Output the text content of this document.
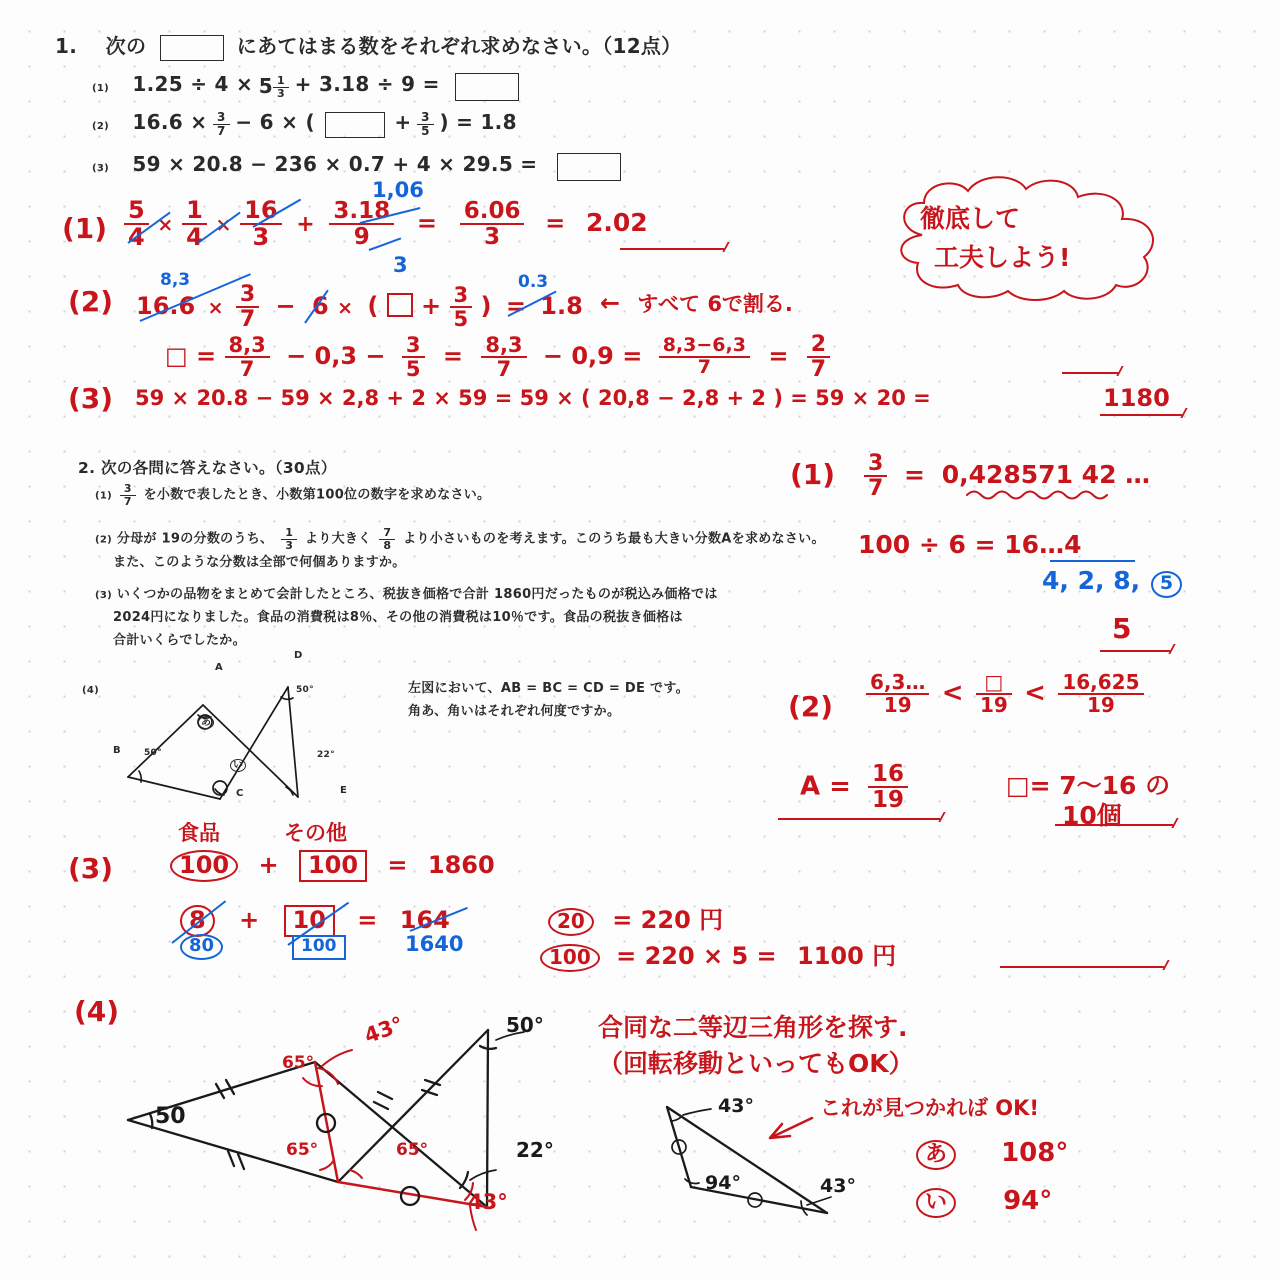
1. 次の	にあてはまる数をそれぞれ求めなさい。（12点）
(1) $1.25 \div 4 \times 5 \frac{1}{3} + 3.18 \div 9$ =
(2) $16.6 \times \frac{3}{7} - 6$ × (	+ $\frac{3}{5}$ ) = 1.8
(3) 59 × 20.8 − 236 × 0.7 + 4 × 29.5 =
$(1) \frac{5}{4} \times \frac{1}{4} \times \frac{16}{3} + \frac{3.18}{9} = \frac{6.06}{3} = 2.02$
1,06
3
(2) $16.6 \times \frac{3}{7} - 6$ × ( + $\frac{3}{5}$ ) = 1.8
8,3	0.3
← すべて 6で割る.
徹底して
工夫しよう!
□ = $\frac{8,3}{7} - 0,3 - \frac{3}{5} = \frac{8,3}{7} - 0,9 = \frac{8,3-6,3}{7} = \frac{2}{7}$
(3) 59 × 20.8 − 59 × 2,8 + 2 × 59 = 59 × ( 20,8 − 2,8 + 2 ) = 59 × 20 =	1180
2. 次の各問に答えなさい。（30点）
$(1) \frac{3}{7}$ を小数で表したとき、小数第100位の数字を求めなさい。
(2) 分母が 19の分数のうち、 $\frac{1}{3}$ より大きく $\frac{7}{8}$ より小さいものを考えます。このうち最も大きい分数Aを求めなさい。
また、このような分数は全部で何個ありますか。
(3) いくつかの品物をまとめて会計したところ、税抜き価格で合計 1860円だったものが税込み価格では
2024円になりました。食品の消費税は8％、その他の消費税は10％です。食品の税抜き価格は
合計いくらでしたか。
(4)
A
B
C
D
E
50°
50°
22°
あ
い
左図において、AB = BC = CD = DE です。
角あ、角いはそれぞれ何度ですか。
$(1) \frac{3}{7} = 0,428571$ 42 …
100 ÷ 6 = 16…4
4, 2, 8, 5
5
$(2) \frac{6,3\dots}{19} < \frac{□}{19} < \frac{16,625}{19}$
$A = \frac{16}{19}$	□= 7〜16 の
10個
食品	その他
(3)	100 + 100 = 1860
8 + 10 = 164
80	100	1640
20 = 220 円
100 = 220 × 5 = 1100 円
(4)
50
43°
65°
65°	65°
43°
22°
50° 合同な二等辺三角形を探す.
（回転移動といってもOK）
これが見つかれば OK!
43°
94°	43°
あ 108°
い 94°
